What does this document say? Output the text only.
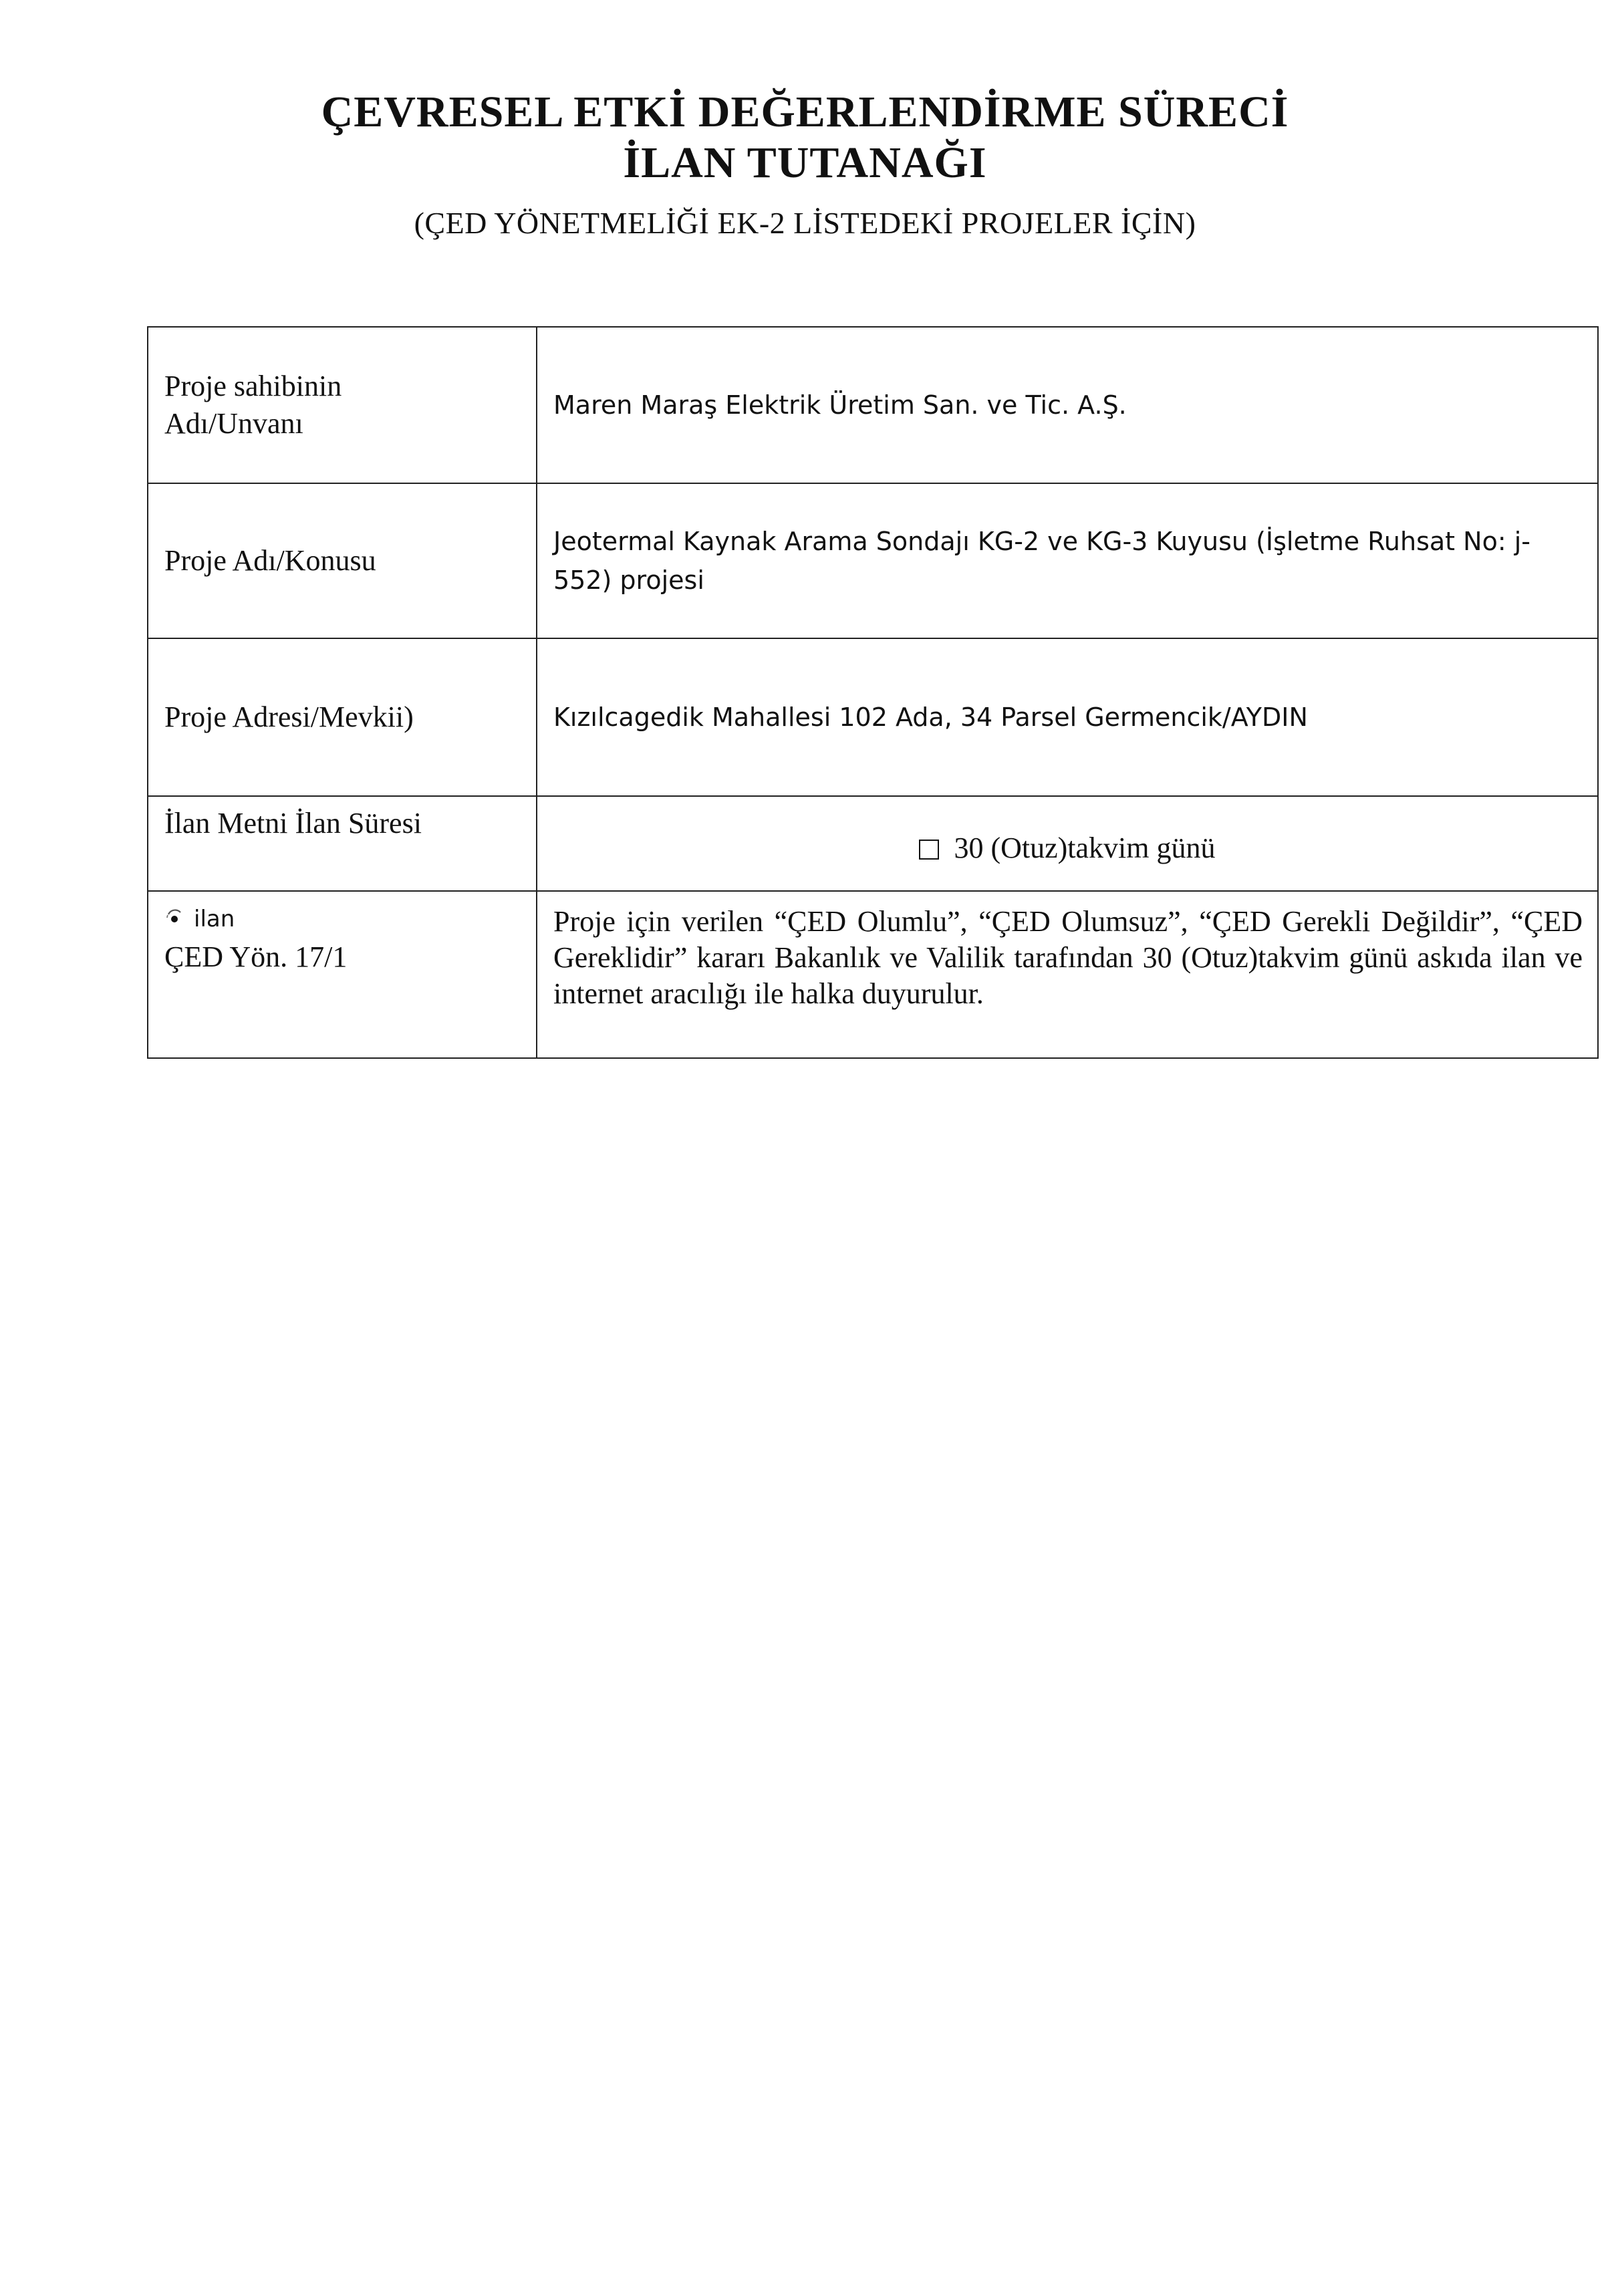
ÇEVRESEL ETKİ DEĞERLENDİRME SÜRECİ
İLAN TUTANAĞI
(ÇED YÖNETMELİĞİ EK-2 LİSTEDEKİ PROJELER İÇİN)
Proje sahibinin
Adı/Unvanı	Maren Maraş Elektrik Üretim San. ve Tic. A.Ş.
Proje Adı/Konusu	Jeotermal Kaynak Arama Sondajı KG-2 ve KG-3 Kuyusu (İşletme Ruhsat No: j-552) projesi
Proje Adresi/Mevkii)	Kızılcagedik Mahallesi 102 Ada, 34 Parsel Germencik/AYDIN
İlan Metni İlan Süresi	30 (Otuz)takvim günü

ilan
ÇED Yön. 17/1	Proje için verilen “ÇED Olumlu”, “ÇED Olumsuz”, “ÇED Gerekli Değildir”, “ÇED Gereklidir” kararı Bakanlık ve Valilik tarafından 30 (Otuz)takvim günü askıda ilan ve internet aracılığı ile halka duyurulur.
